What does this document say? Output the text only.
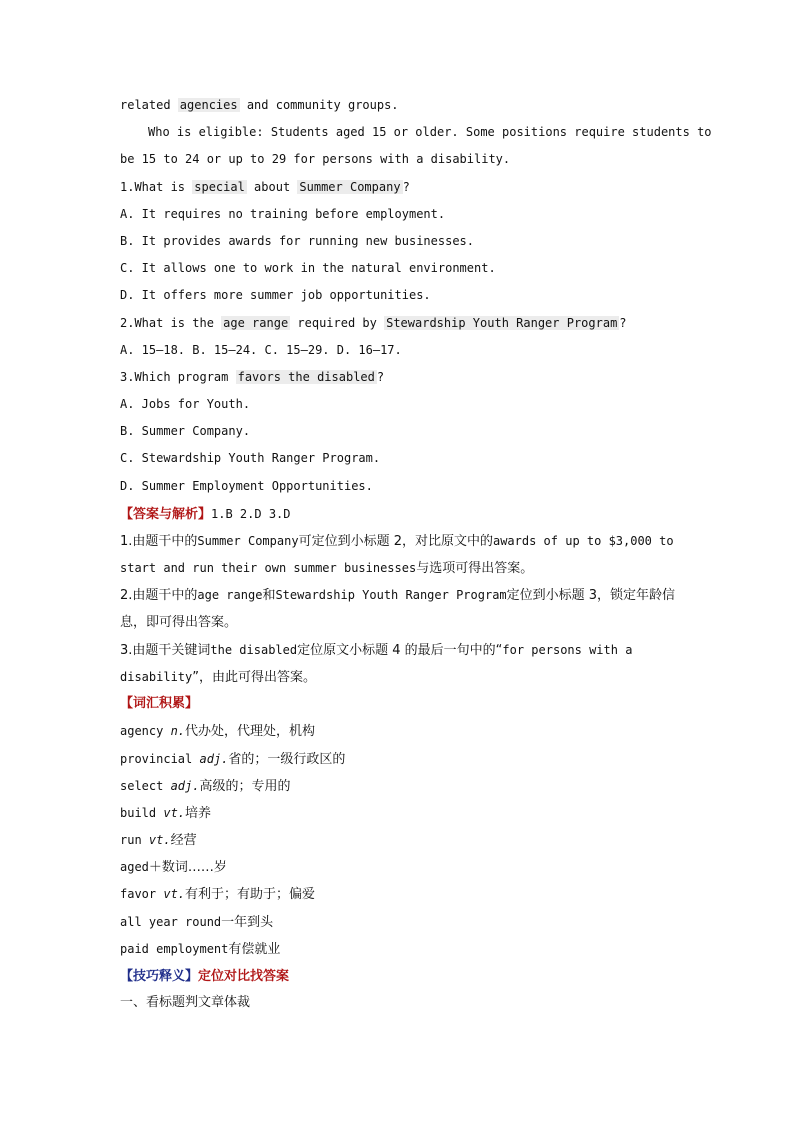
related agencies and community groups.
Who is eligible: Students aged 15 or older. Some positions require students to
be 15 to 24 or up to 29 for persons with a disability.
1.What is special about Summer Company ?
A. It requires no training before employment.
B. It provides awards for running new businesses.
C. It allows one to work in the natural environment.
D. It offers more summer job opportunities.
2.What is the age range required by Stewardship Youth Ranger Program ?
A. 15—18. B. 15—24. C. 15—29. D. 16—17.
3.Which program favors the disabled ?
A. Jobs for Youth.
B. Summer Company.
C. Stewardship Youth Ranger Program.
D. Summer Employment Opportunities.
【答案与解析】1.B 2.D 3.D
1.由题干中的Summer Company可定位到小标题 2，对比原文中的awards of up to $3,000 to
start and run their own summer businesses与选项可得出答案。
2.由题干中的age range和Stewardship Youth Ranger Program定位到小标题 3，锁定年龄信
息，即可得出答案。
3.由题干关键词the disabled定位原文小标题 4 的最后一句中的“for persons with a
disability”，由此可得出答案。
【词汇积累】
agency n.代办处，代理处，机构
provincial adj.省的；一级行政区的
select adj.高级的；专用的
build vt.培养
run vt.经营
aged＋数词……岁
favor vt.有利于；有助于；偏爱
all year round一年到头
paid employment有偿就业
【技巧释义】定位对比找答案
一、看标题判文章体裁
